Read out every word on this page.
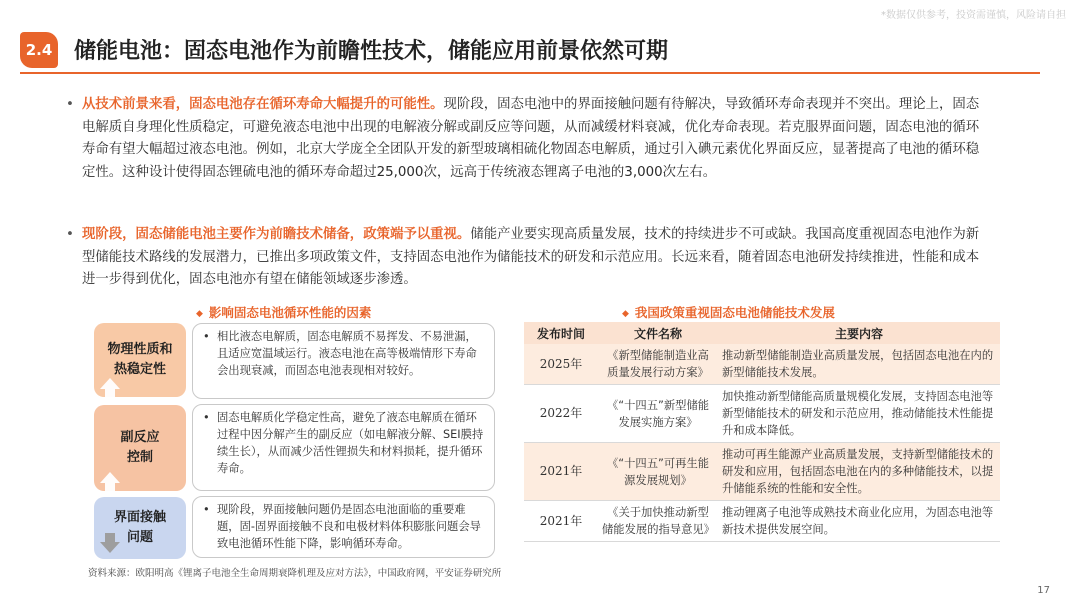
*数据仅供参考，投资需谨慎，风险请自担
2.4 储能电池：固态电池作为前瞻性技术，储能应用前景依然可期
• 从技术前景来看，固态电池存在循环寿命大幅提升的可能性。现阶段，固态电池中的界面接触问题有待解决，导致循环寿命表现并不突出。理论上，固态电解质自身理化性质稳定，可避免液态电池中出现的电解液分解或副反应等问题，从而减缓材料衰减，优化寿命表现。若克服界面问题，固态电池的循环寿命有望大幅超过液态电池。例如，北京大学庞全全团队开发的新型玻璃相硫化物固态电解质，通过引入碘元素优化界面反应，显著提高了电池的循环稳定性。这种设计使得固态锂硫电池的循环寿命超过25,000次，远高于传统液态锂离子电池的3,000次左右。
• 现阶段，固态储能电池主要作为前瞻技术储备，政策端予以重视。储能产业要实现高质量发展，技术的持续进步不可或缺。我国高度重视固态电池作为新型储能技术路线的发展潜力，已推出多项政策文件，支持固态电池作为储能技术的研发和示范应用。长远来看，随着固态电池研发持续推进，性能和成本进一步得到优化，固态电池亦有望在储能领域逐步渗透。
◆ 影响固态电池循环性能的因素	◆ 我国政策重视固态电池储能技术发展
物理性质和
热稳定性
• 相比液态电解质，固态电解质不易挥发、不易泄漏，且适应宽温域运行。液态电池在高等极端情形下寿命会出现衰减，而固态电池表现相对较好。
副反应
控制
• 固态电解质化学稳定性高，避免了液态电解质在循环过程中因分解产生的副反应（如电解液分解、SEI膜持续生长），从而减少活性锂损失和材料损耗，提升循环寿命。
界面接触
问题
• 现阶段，界面接触问题仍是固态电池面临的重要难题，固-固界面接触不良和电极材料体积膨胀问题会导致电池循环性能下降，影响循环寿命。
发布时间	文件名称	主要内容
2025年	《新型储能制造业高质量发展行动方案》	推动新型储能制造业高质量发展，包括固态电池在内的新型储能技术发展。
2022年	《“十四五”新型储能发展实施方案》	加快推动新型储能高质量规模化发展，支持固态电池等新型储能技术的研发和示范应用，推动储能技术性能提升和成本降低。
2021年	《“十四五”可再生能源发展规划》	推动可再生能源产业高质量发展，支持新型储能技术的研发和应用，包括固态电池在内的多种储能技术，以提升储能系统的性能和安全性。
2021年	《关于加快推动新型储能发展的指导意见》	推动锂离子电池等成熟技术商业化应用，为固态电池等新技术提供发展空间。
资料来源：欧阳明高《锂离子电池全生命周期衰降机理及应对方法》，中国政府网，平安证券研究所
17
